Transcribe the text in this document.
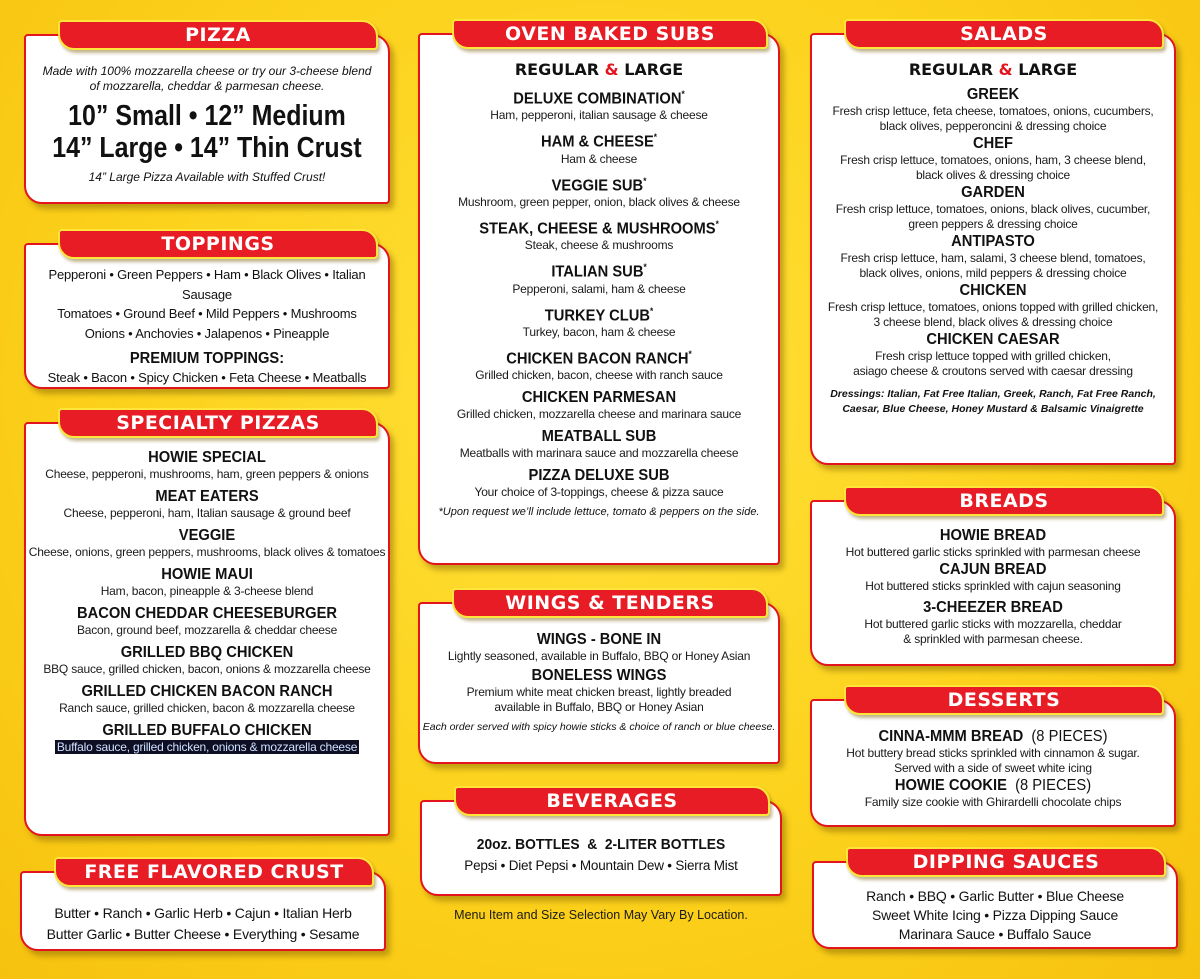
PIZZA
Made with 100% mozzarella cheese or try our 3-cheese blend
of mozzarella, cheddar & parmesan cheese.
10” Small • 12” Medium
14” Large • 14” Thin Crust
14” Large Pizza Available with Stuffed Crust!
TOPPINGS
Pepperoni • Green Peppers • Ham • Black Olives • Italian Sausage
Tomatoes • Ground Beef • Mild Peppers • Mushrooms
Onions • Anchovies • Jalapenos • Pineapple
PREMIUM TOPPINGS:
Steak • Bacon • Spicy Chicken • Feta Cheese • Meatballs
SPECIALTY PIZZAS
HOWIE SPECIAL
Cheese, pepperoni, mushrooms, ham, green peppers & onions
MEAT EATERS
Cheese, pepperoni, ham, Italian sausage & ground beef
VEGGIE
Cheese, onions, green peppers, mushrooms, black olives & tomatoes
HOWIE MAUI
Ham, bacon, pineapple & 3-cheese blend
BACON CHEDDAR CHEESEBURGER
Bacon, ground beef, mozzarella & cheddar cheese
GRILLED BBQ CHICKEN
BBQ sauce, grilled chicken, bacon, onions & mozzarella cheese
GRILLED CHICKEN BACON RANCH
Ranch sauce, grilled chicken, bacon & mozzarella cheese
GRILLED BUFFALO CHICKEN
Buffalo sauce, grilled chicken, onions & mozzarella cheese
FREE FLAVORED CRUST
Butter • Ranch • Garlic Herb • Cajun • Italian Herb
Butter Garlic • Butter Cheese • Everything • Sesame
OVEN BAKED SUBS
REGULAR & LARGE
DELUXE COMBINATION*
Ham, pepperoni, italian sausage & cheese
HAM & CHEESE*
Ham & cheese
VEGGIE SUB*
Mushroom, green pepper, onion, black olives & cheese
STEAK, CHEESE & MUSHROOMS*
Steak, cheese & mushrooms
ITALIAN SUB*
Pepperoni, salami, ham & cheese
TURKEY CLUB*
Turkey, bacon, ham & cheese
CHICKEN BACON RANCH*
Grilled chicken, bacon, cheese with ranch sauce
CHICKEN PARMESAN
Grilled chicken, mozzarella cheese and marinara sauce
MEATBALL SUB
Meatballs with marinara sauce and mozzarella cheese
PIZZA DELUXE SUB
Your choice of 3-toppings, cheese & pizza sauce
*Upon request we’ll include lettuce, tomato & peppers on the side.
WINGS & TENDERS
WINGS - BONE IN
Lightly seasoned, available in Buffalo, BBQ or Honey Asian
BONELESS WINGS
Premium white meat chicken breast, lightly breaded
available in Buffalo, BBQ or Honey Asian
Each order served with spicy howie sticks & choice of ranch or blue cheese.
BEVERAGES
20oz. BOTTLES  &  2-LITER BOTTLES
Pepsi • Diet Pepsi • Mountain Dew • Sierra Mist
Menu Item and Size Selection May Vary By Location.
SALADS
REGULAR & LARGE
GREEK
Fresh crisp lettuce, feta cheese, tomatoes, onions, cucumbers,
black olives, pepperoncini & dressing choice
CHEF
Fresh crisp lettuce, tomatoes, onions, ham, 3 cheese blend,
black olives & dressing choice
GARDEN
Fresh crisp lettuce, tomatoes, onions, black olives, cucumber,
green peppers & dressing choice
ANTIPASTO
Fresh crisp lettuce, ham, salami, 3 cheese blend, tomatoes,
black olives, onions, mild peppers & dressing choice
CHICKEN
Fresh crisp lettuce, tomatoes, onions topped with grilled chicken,
3 cheese blend, black olives & dressing choice
CHICKEN CAESAR
Fresh crisp lettuce topped with grilled chicken,
asiago cheese & croutons served with caesar dressing
Dressings: Italian, Fat Free Italian, Greek, Ranch, Fat Free Ranch,
Caesar, Blue Cheese, Honey Mustard & Balsamic Vinaigrette
BREADS
HOWIE BREAD
Hot buttered garlic sticks sprinkled with parmesan cheese
CAJUN BREAD
Hot buttered sticks sprinkled with cajun seasoning
3-CHEEZER BREAD
Hot buttered garlic sticks with mozzarella, cheddar
& sprinkled with parmesan cheese.
DESSERTS
CINNA-MMM BREAD (8 PIECES)
Hot buttery bread sticks sprinkled with cinnamon & sugar.
Served with a side of sweet white icing
HOWIE COOKIE (8 PIECES)
Family size cookie with Ghirardelli chocolate chips
DIPPING SAUCES
Ranch • BBQ • Garlic Butter • Blue Cheese
Sweet White Icing • Pizza Dipping Sauce
Marinara Sauce • Buffalo Sauce
